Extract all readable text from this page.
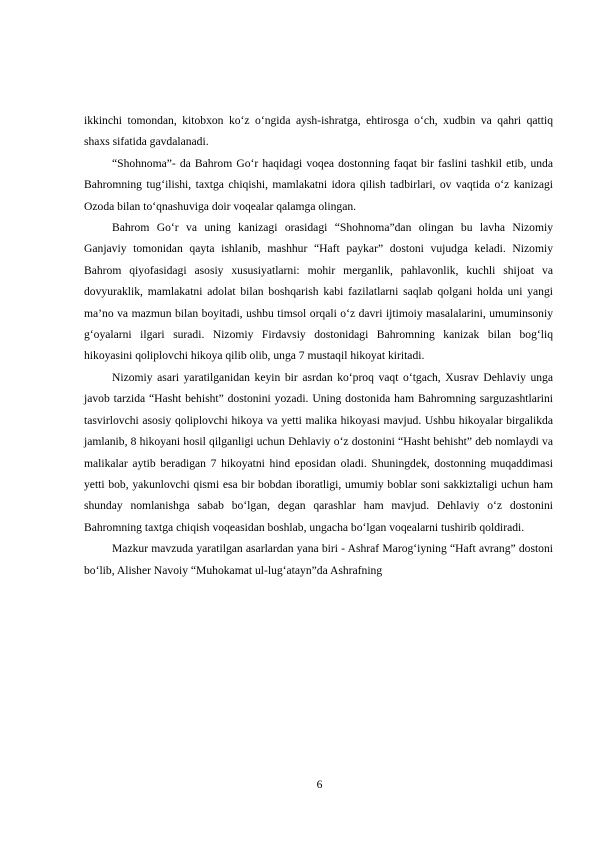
ikkinchi tomondan, kitobxon ko‘z o‘ngida aysh-ishratga, ehtirosga o‘ch, xudbin va qahri qattiq shaxs sifatida gavdalanadi.

“Shohnoma”- da Bahrom Go‘r haqidagi voqea dostonning faqat bir faslini tashkil etib, unda Bahromning tug‘ilishi, taxtga chiqishi, mamlakatni idora qilish tadbirlari, ov vaqtida o‘z kanizagi Ozoda bilan to‘qnashuviga doir voqealar qalamga olingan.

Bahrom Go‘r va uning kanizagi orasidagi “Shohnoma”dan olingan bu lavha Nizomiy Ganjaviy tomonidan qayta ishlanib, mashhur “Haft paykar” dostoni vujudga keladi. Nizomiy Bahrom qiyofasidagi asosiy xususiyatlarni: mohir merganlik, pahlavonlik, kuchli shijoat va dovyuraklik, mamlakatni adolat bilan boshqarish kabi fazilatlarni saqlab qolgani holda uni yangi ma’no va mazmun bilan boyitadi, ushbu timsol orqali o‘z davri ijtimoiy masalalarini, umuminsoniy g‘oyalarni ilgari suradi. Nizomiy Firdavsiy dostonidagi Bahromning kanizak bilan bog‘liq hikoyasini qoliplovchi hikoya qilib olib, unga 7 mustaqil hikoyat kiritadi.

Nizomiy asari yaratilganidan keyin bir asrdan ko‘proq vaqt o‘tgach, Xusrav Dehlaviy unga javob tarzida “Hasht behisht” dostonini yozadi. Uning dostonida ham Bahromning sarguzashtlarini tasvirlovchi asosiy qoliplovchi hikoya va yetti malika hikoyasi mavjud. Ushbu hikoyalar birgalikda jamlanib, 8 hikoyani hosil qilganligi uchun Dehlaviy o‘z dostonini “Hasht behisht” deb nomlaydi va malikalar aytib beradigan 7 hikoyatni hind eposidan oladi. Shuningdek, dostonning muqaddimasi yetti bob, yakunlovchi qismi esa bir bobdan iboratligi, umumiy boblar soni sakkiztaligi uchun ham shunday nomlanishga sabab bo‘lgan, degan qarashlar ham mavjud. Dehlaviy o‘z dostonini Bahromning taxtga chiqish voqeasidan boshlab, ungacha bo‘lgan voqealarni tushirib qoldiradi.

Mazkur mavzuda yaratilgan asarlardan yana biri - Ashraf Marog‘iyning “Haft avrang” dostoni bo‘lib, Alisher Navoiy “Muhokamat ul-lug‘atayn”da Ashrafning

6
